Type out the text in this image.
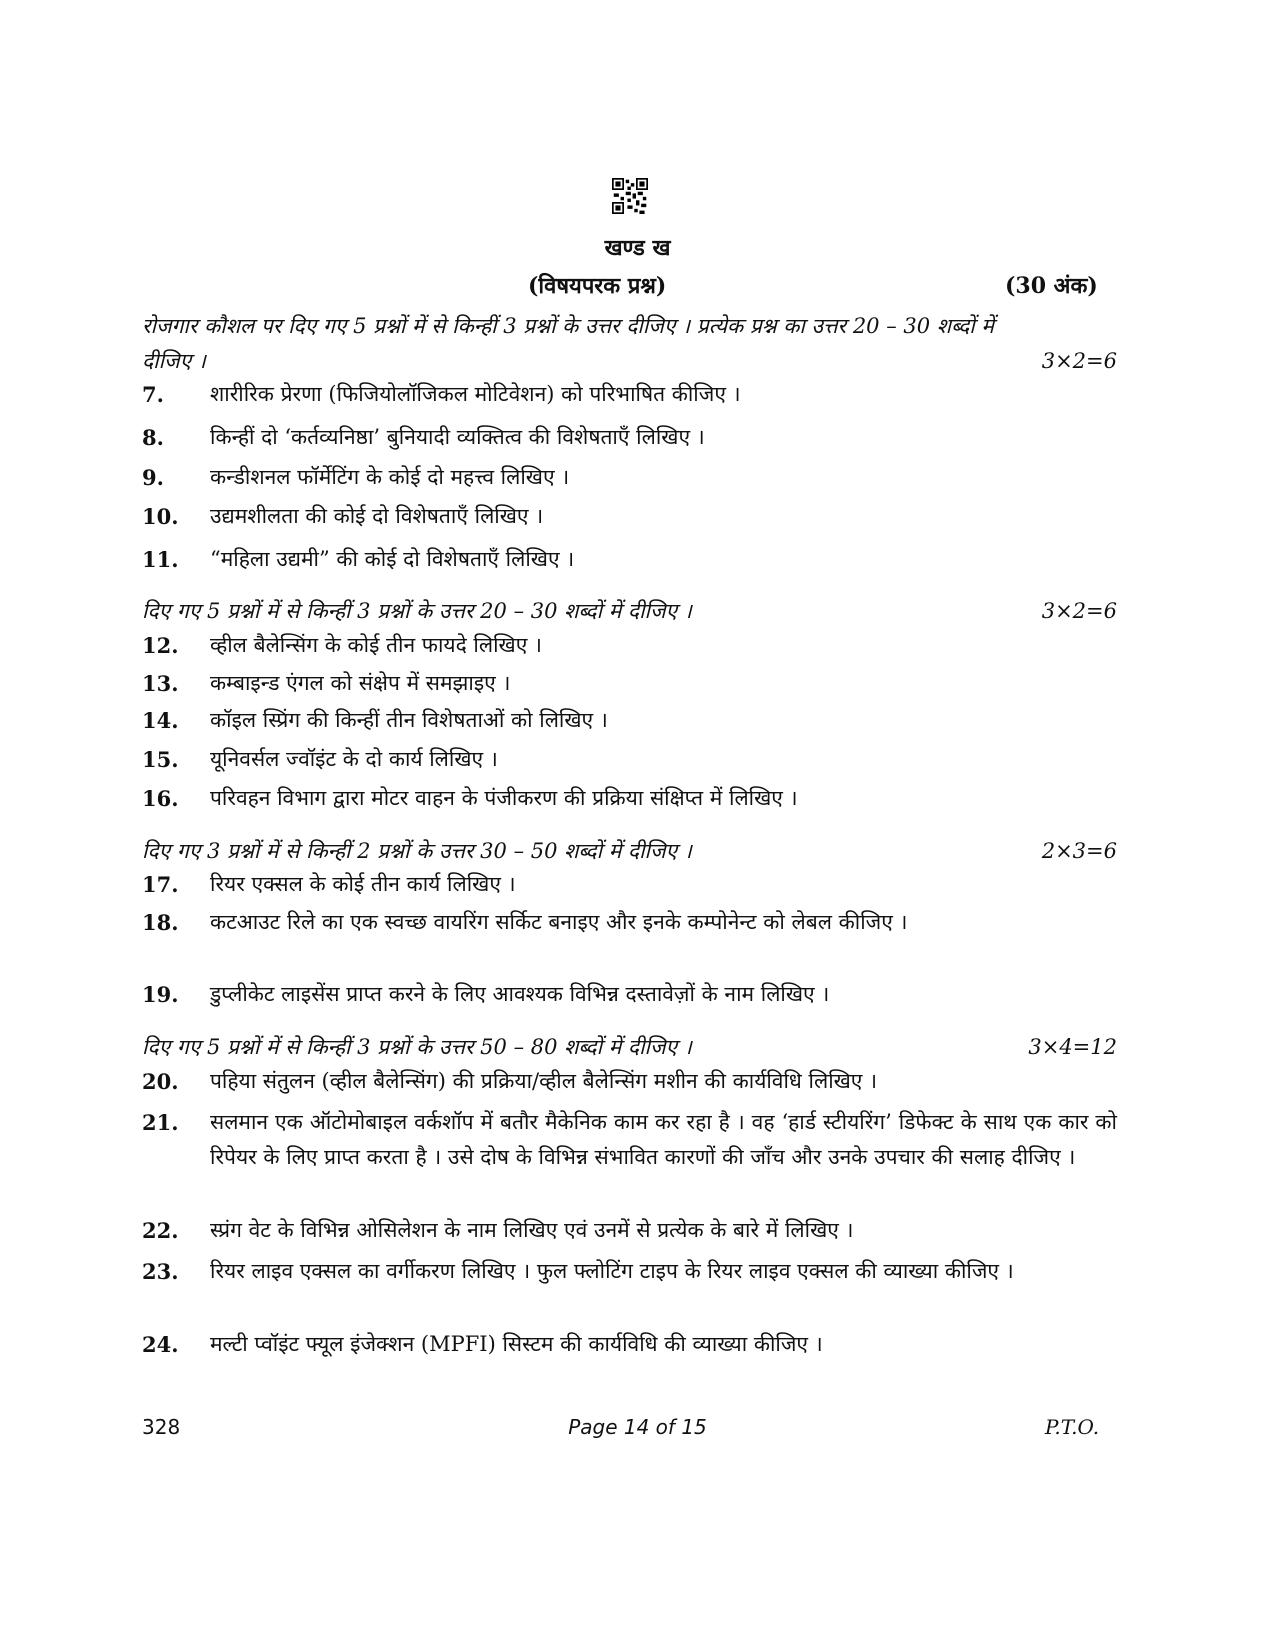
खण्ड ख
(विषयपरक प्रश्न)	(30 अंक)
रोजगार कौशल पर दिए गए 5 प्रश्नों में से किन्हीं 3 प्रश्नों के उत्तर दीजिए । प्रत्येक प्रश्न का उत्तर 20 – 30 शब्दों में दीजिए ।	3×2=6
7. शारीरिक प्रेरणा (फिजियोलॉजिकल मोटिवेशन) को परिभाषित कीजिए ।
8. किन्हीं दो ‘कर्तव्यनिष्ठा’ बुनियादी व्यक्तित्व की विशेषताएँ लिखिए ।
9. कन्डीशनल फॉर्मेटिंग के कोई दो महत्त्व लिखिए ।
10. उद्यमशीलता की कोई दो विशेषताएँ लिखिए ।
11. “महिला उद्यमी” की कोई दो विशेषताएँ लिखिए ।
दिए गए 5 प्रश्नों में से किन्हीं 3 प्रश्नों के उत्तर 20 – 30 शब्दों में दीजिए ।	3×2=6
12. व्हील बैलेन्सिंग के कोई तीन फायदे लिखिए ।
13. कम्बाइन्ड एंगल को संक्षेप में समझाइए ।
14. कॉइल स्प्रिंग की किन्हीं तीन विशेषताओं को लिखिए ।
15. यूनिवर्सल ज्वॉइंट के दो कार्य लिखिए ।
16. परिवहन विभाग द्वारा मोटर वाहन के पंजीकरण की प्रक्रिया संक्षिप्त में लिखिए ।
दिए गए 3 प्रश्नों में से किन्हीं 2 प्रश्नों के उत्तर 30 – 50 शब्दों में दीजिए ।	2×3=6
17. रियर एक्सल के कोई तीन कार्य लिखिए ।
18. कटआउट रिले का एक स्वच्छ वायरिंग सर्किट बनाइए और इनके कम्पोनेन्ट को लेबल कीजिए ।
19. डुप्लीकेट लाइसेंस प्राप्त करने के लिए आवश्यक विभिन्न दस्तावेज़ों के नाम लिखिए ।
दिए गए 5 प्रश्नों में से किन्हीं 3 प्रश्नों के उत्तर 50 – 80 शब्दों में दीजिए ।	3×4=12
20. पहिया संतुलन (व्हील बैलेन्सिंग) की प्रक्रिया/व्हील बैलेन्सिंग मशीन की कार्यविधि लिखिए ।
21. सलमान एक ऑटोमोबाइल वर्कशॉप में बतौर मैकेनिक काम कर रहा है । वह ‘हार्ड स्टीयरिंग’ डिफेक्ट के साथ एक कार को रिपेयर के लिए प्राप्त करता है । उसे दोष के विभिन्न संभावित कारणों की जाँच और उनके उपचार की सलाह दीजिए ।
22. स्प्रंग वेट के विभिन्न ओसिलेशन के नाम लिखिए एवं उनमें से प्रत्येक के बारे में लिखिए ।
23. रियर लाइव एक्सल का वर्गीकरण लिखिए । फुल फ्लोटिंग टाइप के रियर लाइव एक्सल की व्याख्या कीजिए ।
24. मल्टी प्वॉइंट फ्यूल इंजेक्शन (MPFI) सिस्टम की कार्यविधि की व्याख्या कीजिए ।
328	Page 14 of 15	P.T.O.
